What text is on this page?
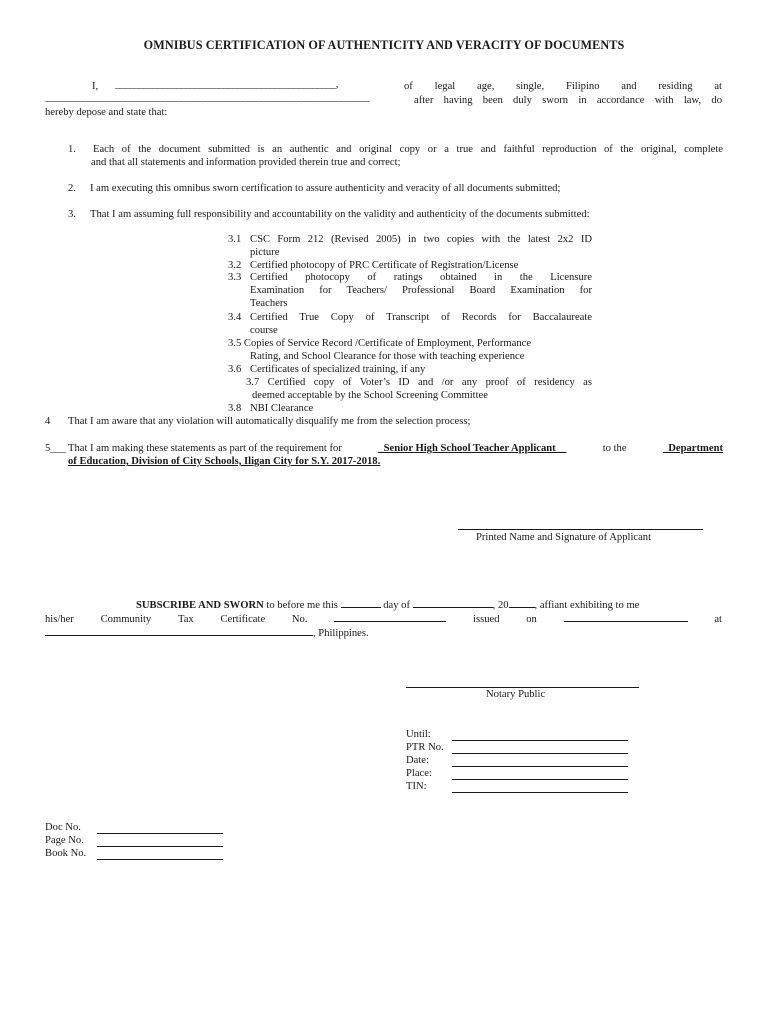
OMNIBUS CERTIFICATION OF AUTHENTICITY AND VERACITY OF DOCUMENTS
I, _______________________________________________,	of legal age, single, Filipino and residing at
_____________________________________________________________________	after having been duly sworn in accordance with law, do
hereby depose and state that:
1. Each of the document submitted is an authentic and original copy or a true and faithful reproduction of the original, complete
and that all statements and information provided therein true and correct;
2. I am executing this omnibus sworn certification to assure authenticity and veracity of all documents submitted;
3. That I am assuming full responsibility and accountability on the validity and authenticity of the documents submitted:
3.1 CSC Form 212 (Revised 2005) in two copies with the latest 2x2 ID
picture
3.2 Certified photocopy of PRC Certificate of Registration/License
3.3 Certified photocopy of ratings obtained in the Licensure
Examination for Teachers/ Professional Board Examination for
Teachers
3.4 Certified True Copy of Transcript of Records for Baccalaureate
course
3.5 Copies of Service Record /Certificate of Employment, Performance
Rating, and School Clearance for those with teaching experience
3.6 Certificates of specialized training, if any
3.7 Certified copy of Voter’s ID and /or any proof of residency as
deemed acceptable by the School Screening Committee
3.8 NBI Clearance
4 That I am aware that any violation will automatically disqualify me from the selection process;
5___ That I am making these statements as part of the requirement for	_Senior High School Teacher Applicant__	to the	_Department
of Education, Division of City Schools, Iligan City for S.Y. 2017-2018.
Printed Name and Signature of Applicant
SUBSCRIBE AND SWORN to before me this	day of	, 20 , affiant exhibiting to me
his/her	Community	Tax	Certificate	No.	issued	on	at
, Philippines.
Notary Public
Until:
PTR No.
Date:
Place:
TIN:
Doc No.
Page No.
Book No.
